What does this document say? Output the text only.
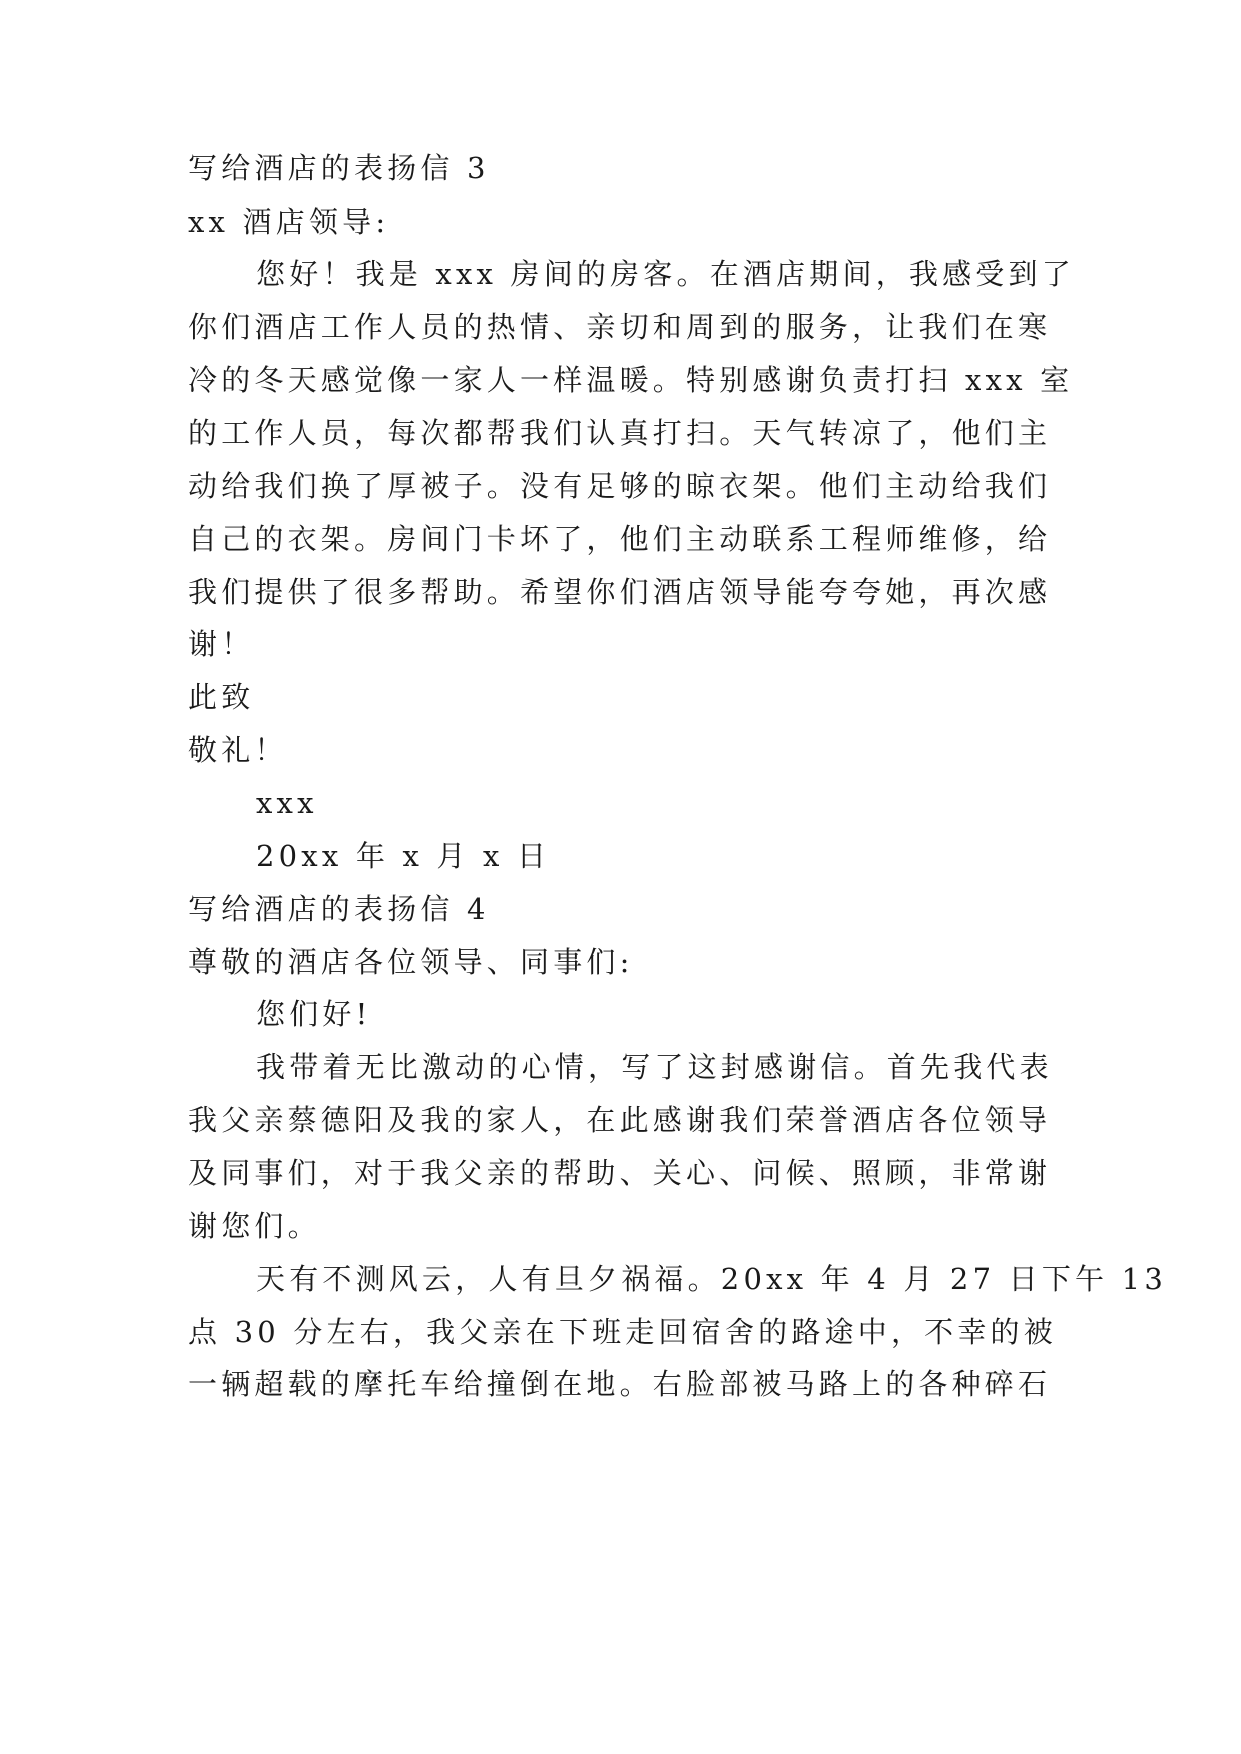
写给酒店的表扬信 3
xx 酒店领导:
您好！我是 xxx 房间的房客。在酒店期间，我感受到了
你们酒店工作人员的热情、亲切和周到的服务，让我们在寒
冷的冬天感觉像一家人一样温暖。特别感谢负责打扫 xxx 室
的工作人员，每次都帮我们认真打扫。天气转凉了，他们主
动给我们换了厚被子。没有足够的晾衣架。他们主动给我们
自己的衣架。房间门卡坏了，他们主动联系工程师维修，给
我们提供了很多帮助。希望你们酒店领导能夸夸她，再次感
谢！
此致
敬礼！
xxx
20xx 年 x 月 x 日
写给酒店的表扬信 4
尊敬的酒店各位领导、同事们:
您们好!
我带着无比激动的心情，写了这封感谢信。首先我代表
我父亲蔡德阳及我的家人，在此感谢我们荣誉酒店各位领导
及同事们，对于我父亲的帮助、关心、问候、照顾，非常谢
谢您们。
天有不测风云，人有旦夕祸福。20xx 年 4 月 27 日下午 13
点 30 分左右，我父亲在下班走回宿舍的路途中，不幸的被
一辆超载的摩托车给撞倒在地。右脸部被马路上的各种碎石
